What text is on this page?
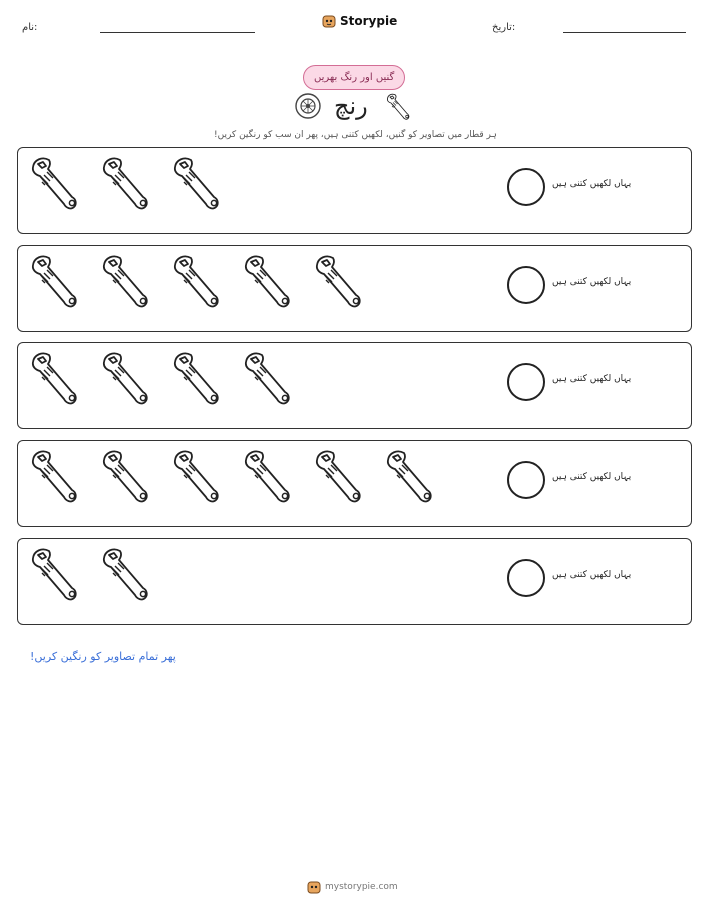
نام:	Storypie	تاریخ:
گنیں اور رنگ بھریں
رنچ
ہر قطار میں تصاویر کو گنیں، لکھیں کتنی ہیں، پھر ان سب کو رنگین کریں!
یہاں لکھیں کتنی ہیں
یہاں لکھیں کتنی ہیں
یہاں لکھیں کتنی ہیں
یہاں لکھیں کتنی ہیں
یہاں لکھیں کتنی ہیں
پھر تمام تصاویر کو رنگین کریں!
mystorypie.com
